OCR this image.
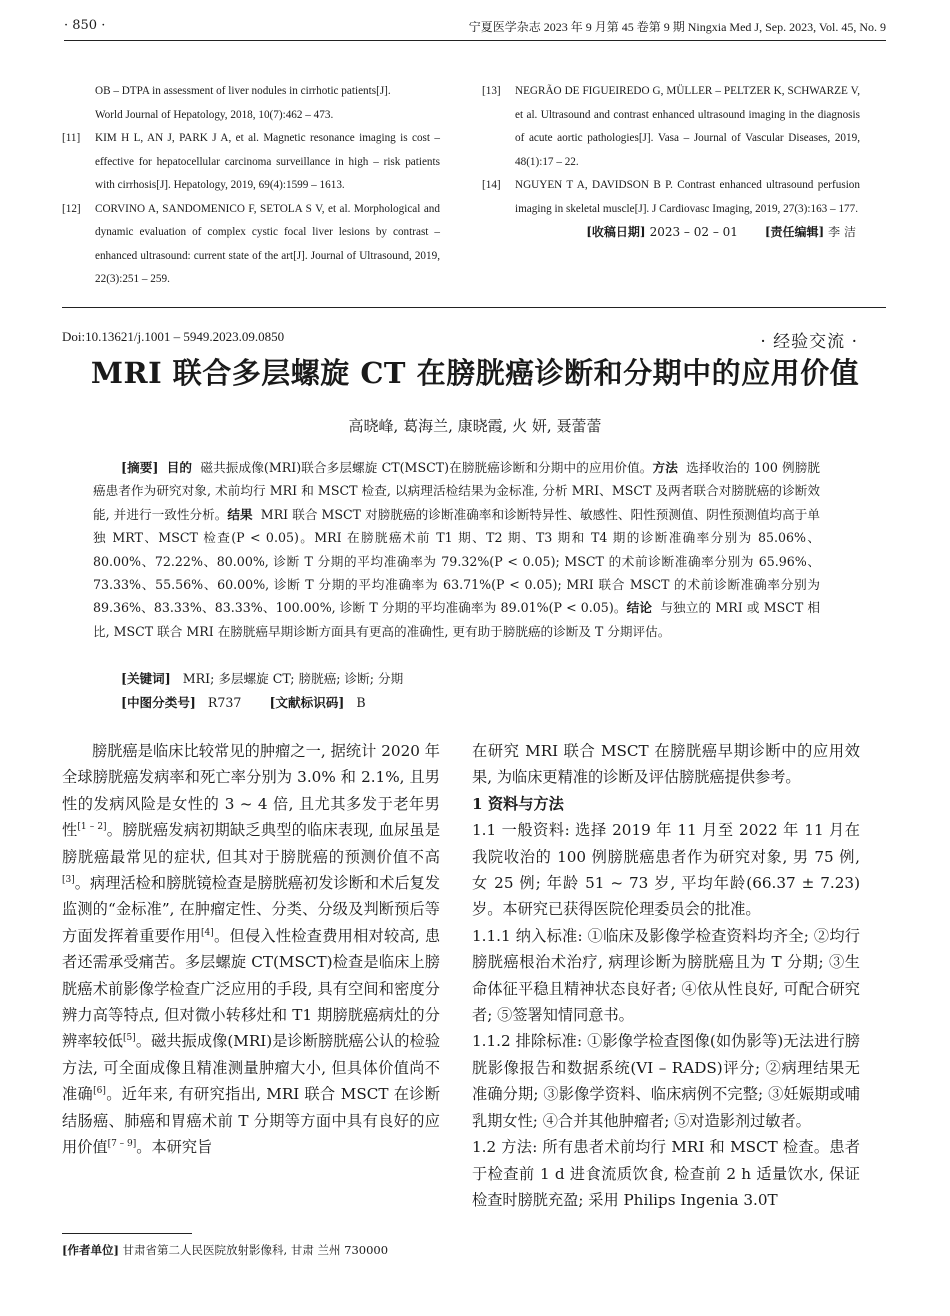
· 850 ·	宁夏医学杂志 2023 年 9 月第 45 卷第 9 期 Ningxia Med J, Sep. 2023, Vol. 45, No. 9
OB – DTPA in assessment of liver nodules in cirrhotic patients[J].
World Journal of Hepatology, 2018, 10(7):462 – 473.
[11] KIM H L, AN J, PARK J A, et al. Magnetic resonance imaging is cost – effective for hepatocellular carcinoma surveillance in high – risk patients with cirrhosis[J]. Hepatology, 2019, 69(4):1599 – 1613.
[12] CORVINO A, SANDOMENICO F, SETOLA S V, et al. Morphological and dynamic evaluation of complex cystic focal liver lesions by contrast – enhanced ultrasound: current state of the art[J]. Journal of Ultrasound, 2019, 22(3):251 – 259.
[13] NEGRÃO DE FIGUEIREDO G, MÜLLER – PELTZER K, SCHWARZE V, et al. Ultrasound and contrast enhanced ultrasound imaging in the diagnosis of acute aortic pathologies[J]. Vasa – Journal of Vascular Diseases, 2019, 48(1):17 – 22.
[14] NGUYEN T A, DAVIDSON B P. Contrast enhanced ultrasound perfusion imaging in skeletal muscle[J]. J Cardiovasc Imaging, 2019, 27(3):163 – 177.
[收稿日期] 2023 – 02 – 01 [责任编辑] 李 洁
Doi:10.13621/j.1001 – 5949.2023.09.0850	· 经验交流 ·
MRI 联合多层螺旋 CT 在膀胱癌诊断和分期中的应用价值
高晓峰, 葛海兰, 康晓霞, 火 妍, 聂蕾蕾
[摘要] 目的 磁共振成像(MRI)联合多层螺旋 CT(MSCT)在膀胱癌诊断和分期中的应用价值。方法 选择收治的 100 例膀胱癌患者作为研究对象, 术前均行 MRI 和 MSCT 检查, 以病理活检结果为金标准, 分析 MRI、MSCT 及两者联合对膀胱癌的诊断效能, 并进行一致性分析。结果 MRI 联合 MSCT 对膀胱癌的诊断准确率和诊断特异性、敏感性、阳性预测值、阴性预测值均高于单独 MRT、MSCT 检查(P < 0.05)。MRI 在膀胱癌术前 T1 期、T2 期、T3 期和 T4 期的诊断准确率分别为 85.06%、80.00%、72.22%、80.00%, 诊断 T 分期的平均准确率为 79.32%(P < 0.05); MSCT 的术前诊断准确率分别为 65.96%、73.33%、55.56%、60.00%, 诊断 T 分期的平均准确率为 63.71%(P < 0.05); MRI 联合 MSCT 的术前诊断准确率分别为 89.36%、83.33%、83.33%、100.00%, 诊断 T 分期的平均准确率为 89.01%(P < 0.05)。结论 与独立的 MRI 或 MSCT 相比, MSCT 联合 MRI 在膀胱癌早期诊断方面具有更高的准确性, 更有助于膀胱癌的诊断及 T 分期评估。
[关键词] MRI; 多层螺旋 CT; 膀胱癌; 诊断; 分期
[中图分类号] R737 [文献标识码] B

膀胱癌是临床比较常见的肿瘤之一, 据统计 2020 年全球膀胱癌发病率和死亡率分别为 3.0% 和 2.1%, 且男性的发病风险是女性的 3 ~ 4 倍, 且尤其多发于老年男性[1 – 2]。膀胱癌发病初期缺乏典型的临床表现, 血尿虽是膀胱癌最常见的症状, 但其对于膀胱癌的预测价值不高[3]。病理活检和膀胱镜检查是膀胱癌初发诊断和术后复发监测的“金标准”, 在肿瘤定性、分类、分级及判断预后等方面发挥着重要作用[4]。但侵入性检查费用相对较高, 患者还需承受痛苦。多层螺旋 CT(MSCT)检查是临床上膀胱癌术前影像学检查广泛应用的手段, 具有空间和密度分辨力高等特点, 但对微小转移灶和 T1 期膀胱癌病灶的分辨率较低[5]。磁共振成像(MRI)是诊断膀胱癌公认的检验方法, 可全面成像且精准测量肿瘤大小, 但具体价值尚不准确[6]。近年来, 有研究指出, MRI 联合 MSCT 在诊断结肠癌、肺癌和胃癌术前 T 分期等方面中具有良好的应用价值[7 – 9]。本研究旨

在研究 MRI 联合 MSCT 在膀胱癌早期诊断中的应用效果, 为临床更精准的诊断及评估膀胱癌提供参考。

1 资料与方法

1.1 一般资料: 选择 2019 年 11 月至 2022 年 11 月在我院收治的 100 例膀胱癌患者作为研究对象, 男 75 例, 女 25 例; 年龄 51 ~ 73 岁, 平均年龄(66.37 ± 7.23)岁。本研究已获得医院伦理委员会的批准。

1.1.1 纳入标准: ①临床及影像学检查资料均齐全; ②均行膀胱癌根治术治疗, 病理诊断为膀胱癌且为 T 分期; ③生命体征平稳且精神状态良好者; ④依从性良好, 可配合研究者; ⑤签署知情同意书。

1.1.2 排除标准: ①影像学检查图像(如伪影等)无法进行膀胱影像报告和数据系统(VI – RADS)评分; ②病理结果无准确分期; ③影像学资料、临床病例不完整; ③妊娠期或哺乳期女性; ④合并其他肿瘤者; ⑤对造影剂过敏者。

1.2 方法: 所有患者术前均行 MRI 和 MSCT 检查。患者于检查前 1 d 进食流质饮食, 检查前 2 h 适量饮水, 保证检查时膀胱充盈; 采用 Philips Ingenia 3.0T

[作者单位] 甘肃省第二人民医院放射影像科, 甘肃 兰州 730000
